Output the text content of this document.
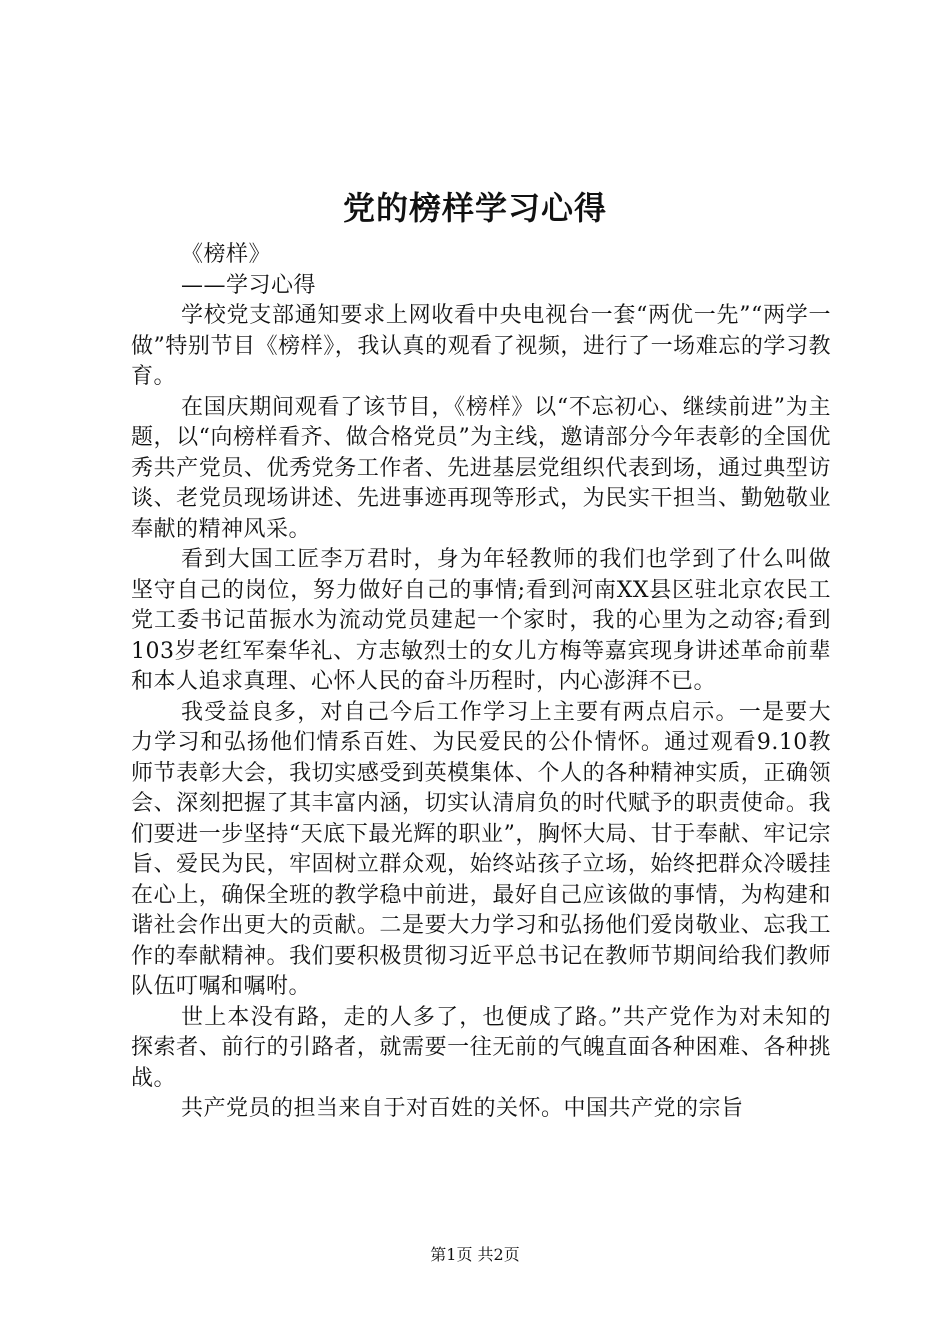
党的榜样学习心得

《榜样》

——学习心得

学校党支部通知要求上网收看中央电视台一套“两优一先”“两学一做”特别节目《榜样》，我认真的观看了视频，进行了一场难忘的学习教育。

在国庆期间观看了该节目，《榜样》以“不忘初心、继续前进”为主题，以“向榜样看齐、做合格党员”为主线，邀请部分今年表彰的全国优秀共产党员、优秀党务工作者、先进基层党组织代表到场，通过典型访谈、老党员现场讲述、先进事迹再现等形式，为民实干担当、勤勉敬业奉献的精神风采。

看到大国工匠李万君时，身为年轻教师的我们也学到了什么叫做坚守自己的岗位，努力做好自己的事情;看到河南XX县区驻北京农民工党工委书记苗振水为流动党员建起一个家时，我的心里为之动容;看到103岁老红军秦华礼、方志敏烈士的女儿方梅等嘉宾现身讲述革命前辈和本人追求真理、心怀人民的奋斗历程时，内心澎湃不已。

我受益良多，对自己今后工作学习上主要有两点启示。一是要大力学习和弘扬他们情系百姓、为民爱民的公仆情怀。通过观看9.10教师节表彰大会，我切实感受到英模集体、个人的各种精神实质，正确领会、深刻把握了其丰富内涵，切实认清肩负的时代赋予的职责使命。我们要进一步坚持“天底下最光辉的职业”，胸怀大局、甘于奉献、牢记宗旨、爱民为民，牢固树立群众观，始终站孩子立场，始终把群众冷暖挂在心上，确保全班的教学稳中前进，最好自己应该做的事情，为构建和谐社会作出更大的贡献。二是要大力学习和弘扬他们爱岗敬业、忘我工作的奉献精神。我们要积极贯彻习近平总书记在教师节期间给我们教师队伍叮嘱和嘱咐。

世上本没有路，走的人多了，也便成了路。”共产党作为对未知的探索者、前行的引路者，就需要一往无前的气魄直面各种困难、各种挑战。

共产党员的担当来自于对百姓的关怀。中国共产党的宗旨

第1页 共2页
